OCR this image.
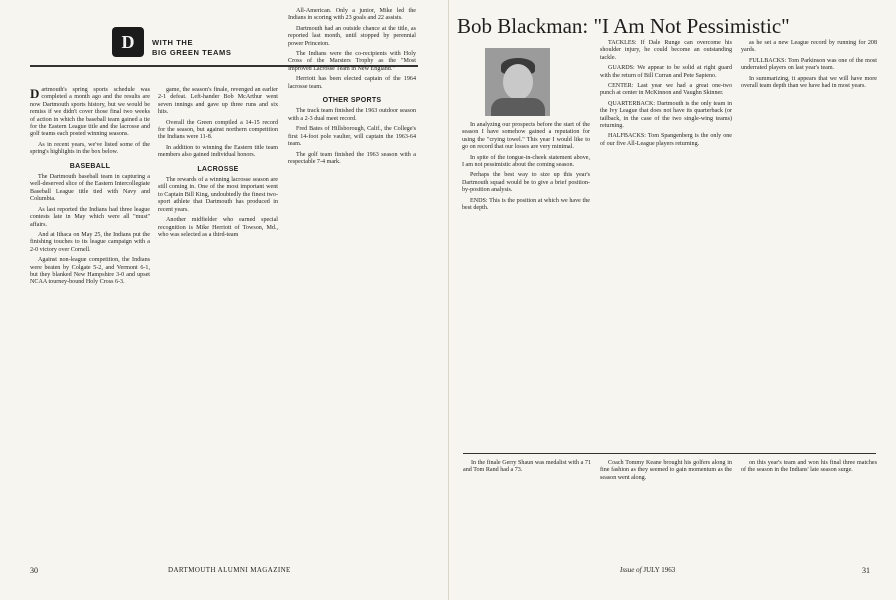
D	WITH THE
BIG GREEN TEAMS

Dartmouth's spring sports schedule was completed a month ago and the results are now Dartmouth sports history, but we would be remiss if we didn't cover those final two weeks of action in which the baseball team gained a tie for the Eastern League title and the lacrosse and golf teams each posted winning seasons.

As in recent years, we've listed some of the spring's highlights in the box below.

BASEBALL

The Dartmouth baseball team in capturing a well-deserved slice of the Eastern Intercollegiate Baseball League title tied with Navy and Columbia.

As last reported the Indians had three league contests late in May which were all "must" affairs.

And at Ithaca on May 25, the Indians put the finishing touches to its league campaign with a 2-0 victory over Cornell.

Against non-league competition, the Indians were beaten by Colgate 5-2, and Vermont 6-1, but they blanked New Hampshire 3-0 and upset NCAA tourney-bound Holy Cross 6-3.

game, the season's finale, revenged an earlier 2-1 defeat. Left-hander Bob McArthur went seven innings and gave up three runs and six hits.

Overall the Green compiled a 14-15 record for the season, but against northern competition the Indians were 11-8.

In addition to winning the Eastern title team members also gained individual honors.

LACROSSE

The rewards of a winning lacrosse season are still coming in. One of the most important went to Captain Bill King, undoubtedly the finest two-sport athlete that Dartmouth has produced in recent years.

Another midfielder who earned special recognition is Mike Herriott of Towson, Md., who was selected as a third-team

All-American. Only a junior, Mike led the Indians in scoring with 23 goals and 22 assists.

Dartmouth had an outside chance at the title, as reported last month, until stopped by perennial power Princeton.

The Indians were the co-recipients with Holy Cross of the Marsters Trophy as the "Most Improved Lacrosse Team in New England."

Herriott has been elected captain of the 1964 lacrosse team.

OTHER SPORTS

The track team finished the 1963 outdoor season with a 2-3 dual meet record.

Fred Bates of Hillsborough, Calif., the College's first 14-foot pole vaulter, will captain the 1963-64 team.

The golf team finished the 1963 season with a respectable 7-4 mark.

30	DARTMOUTH ALUMNI MAGAZINE
Bob Blackman: "I Am Not Pessimistic"

In analyzing our prospects before the start of the season I have somehow gained a reputation for using the "crying towel." This year I would like to go on record that our losses are very minimal.

In spite of the tongue-in-cheek statement above, I am not pessimistic about the coming season.

Perhaps the best way to size up this year's Dartmouth squad would be to give a brief position-by-position analysis.

ENDS: This is the position at which we have the best depth.

TACKLES: If Dale Runge can overcome his shoulder injury, he could become an outstanding tackle.

GUARDS: We appear to be solid at right guard with the return of Bill Curran and Pete Sapieno.

CENTER: Last year we had a great one-two punch at center in McKinnon and Vaughn Skinner.

QUARTERBACK: Dartmouth is the only team in the Ivy League that does not have its quarterback (or tailback, in the case of the two single-wing teams) returning.

HALFBACKS: Tom Spangenberg is the only one of our five All-League players returning.

as he set a new League record by running for 208 yards.

FULLBACKS: Tom Parkinson was one of the most underrated players on last year's team.

In summarizing, it appears that we will have more overall team depth than we have had in most years.

In the finale Gerry Shaun was medalist with a 71 and Tom Rand had a 73.

Coach Tommy Keane brought his golfers along in fine fashion as they seemed to gain momentum as the season went along.

on this year's team and won his final three matches of the season in the Indians' late season surge.

Issue of JULY 1963	31
